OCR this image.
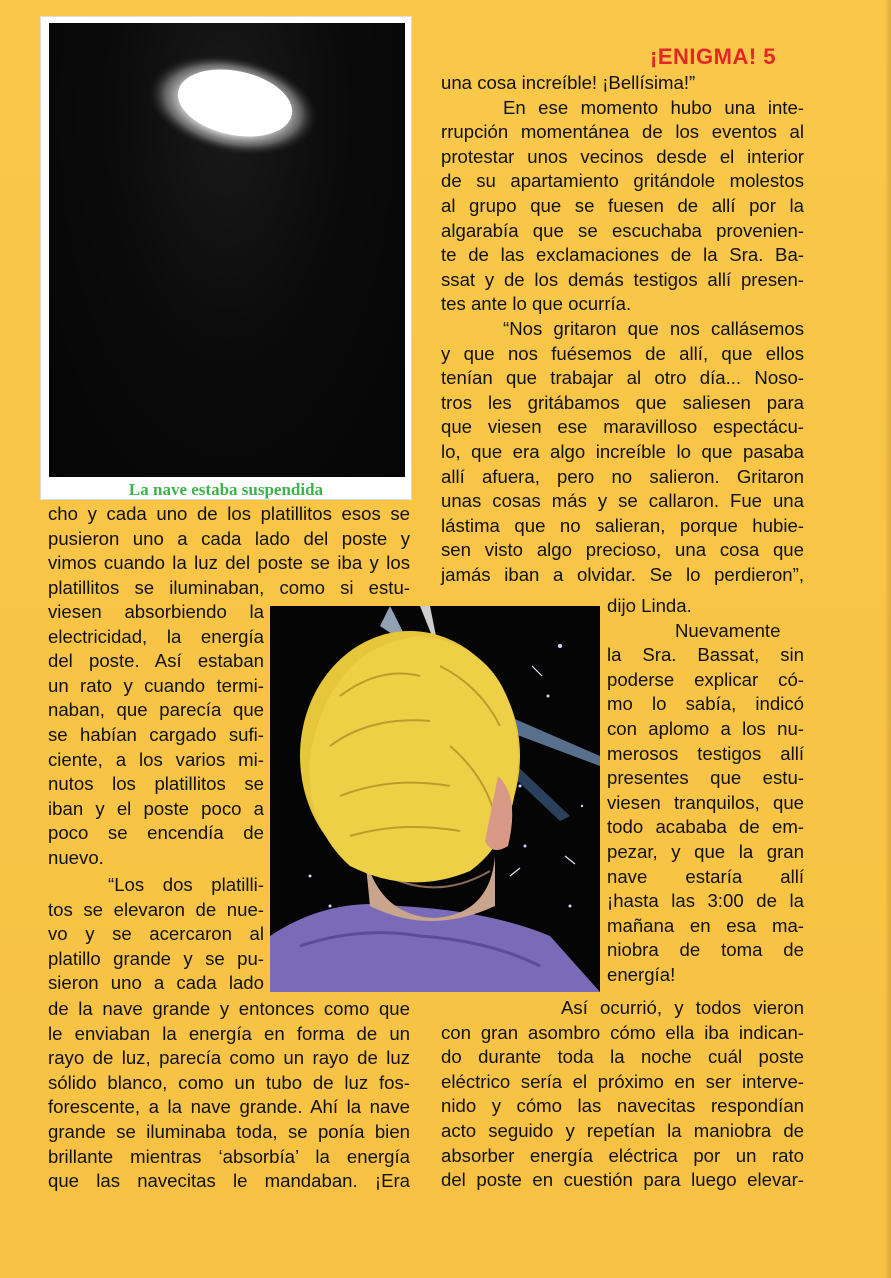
¡ENIGMA! 5
La nave estaba suspendida
cho y cada uno de los platillitos esos se
pusieron uno a cada lado del poste y
vimos cuando la luz del poste se iba y los
platillitos se iluminaban, como si estu-
viesen absorbiendo la
electricidad, la energía
del poste. Así estaban
un rato y cuando termi-
naban, que parecía que
se habían cargado sufi-
ciente, a los varios mi-
nutos los platillitos se
iban y el poste poco a
poco se encendía de
nuevo.
“Los dos platilli-
tos se elevaron de nue-
vo y se acercaron al
platillo grande y se pu-
sieron uno a cada lado
de la nave grande y entonces como que
le enviaban la energía en forma de un
rayo de luz, parecía como un rayo de luz
sólido blanco, como un tubo de luz fos-
forescente, a la nave grande. Ahí la nave
grande se iluminaba toda, se ponía bien
brillante mientras ‘absorbía’ la energía
que las navecitas le mandaban. ¡Era
una cosa increíble! ¡Bellísima!”
En ese momento hubo una inte-
rrupción momentánea de los eventos al
protestar unos vecinos desde el interior
de su apartamiento gritándole molestos
al grupo que se fuesen de allí por la
algarabía que se escuchaba provenien-
te de las exclamaciones de la Sra. Ba-
ssat y de los demás testigos allí presen-
tes ante lo que ocurría.
“Nos gritaron que nos callásemos
y que nos fuésemos de allí, que ellos
tenían que trabajar al otro día... Noso-
tros les gritábamos que saliesen para
que viesen ese maravilloso espectácu-
lo, que era algo increíble lo que pasaba
allí afuera, pero no salieron. Gritaron
unas cosas más y se callaron. Fue una
lástima que no salieran, porque hubie-
sen visto algo precioso, una cosa que
jamás iban a olvidar. Se lo perdieron”,
dijo Linda.
Nuevamente
la Sra. Bassat, sin
poderse explicar có-
mo lo sabía, indicó
con aplomo a los nu-
merosos testigos allí
presentes que estu-
viesen tranquilos, que
todo acababa de em-
pezar, y que la gran
nave estaría allí
¡hasta las 3:00 de la
mañana en esa ma-
niobra de toma de
energía!
Así ocurrió, y todos vieron
con gran asombro cómo ella iba indican-
do durante toda la noche cuál poste
eléctrico sería el próximo en ser interve-
nido y cómo las navecitas respondían
acto seguido y repetían la maniobra de
absorber energía eléctrica por un rato
del poste en cuestión para luego elevar-
